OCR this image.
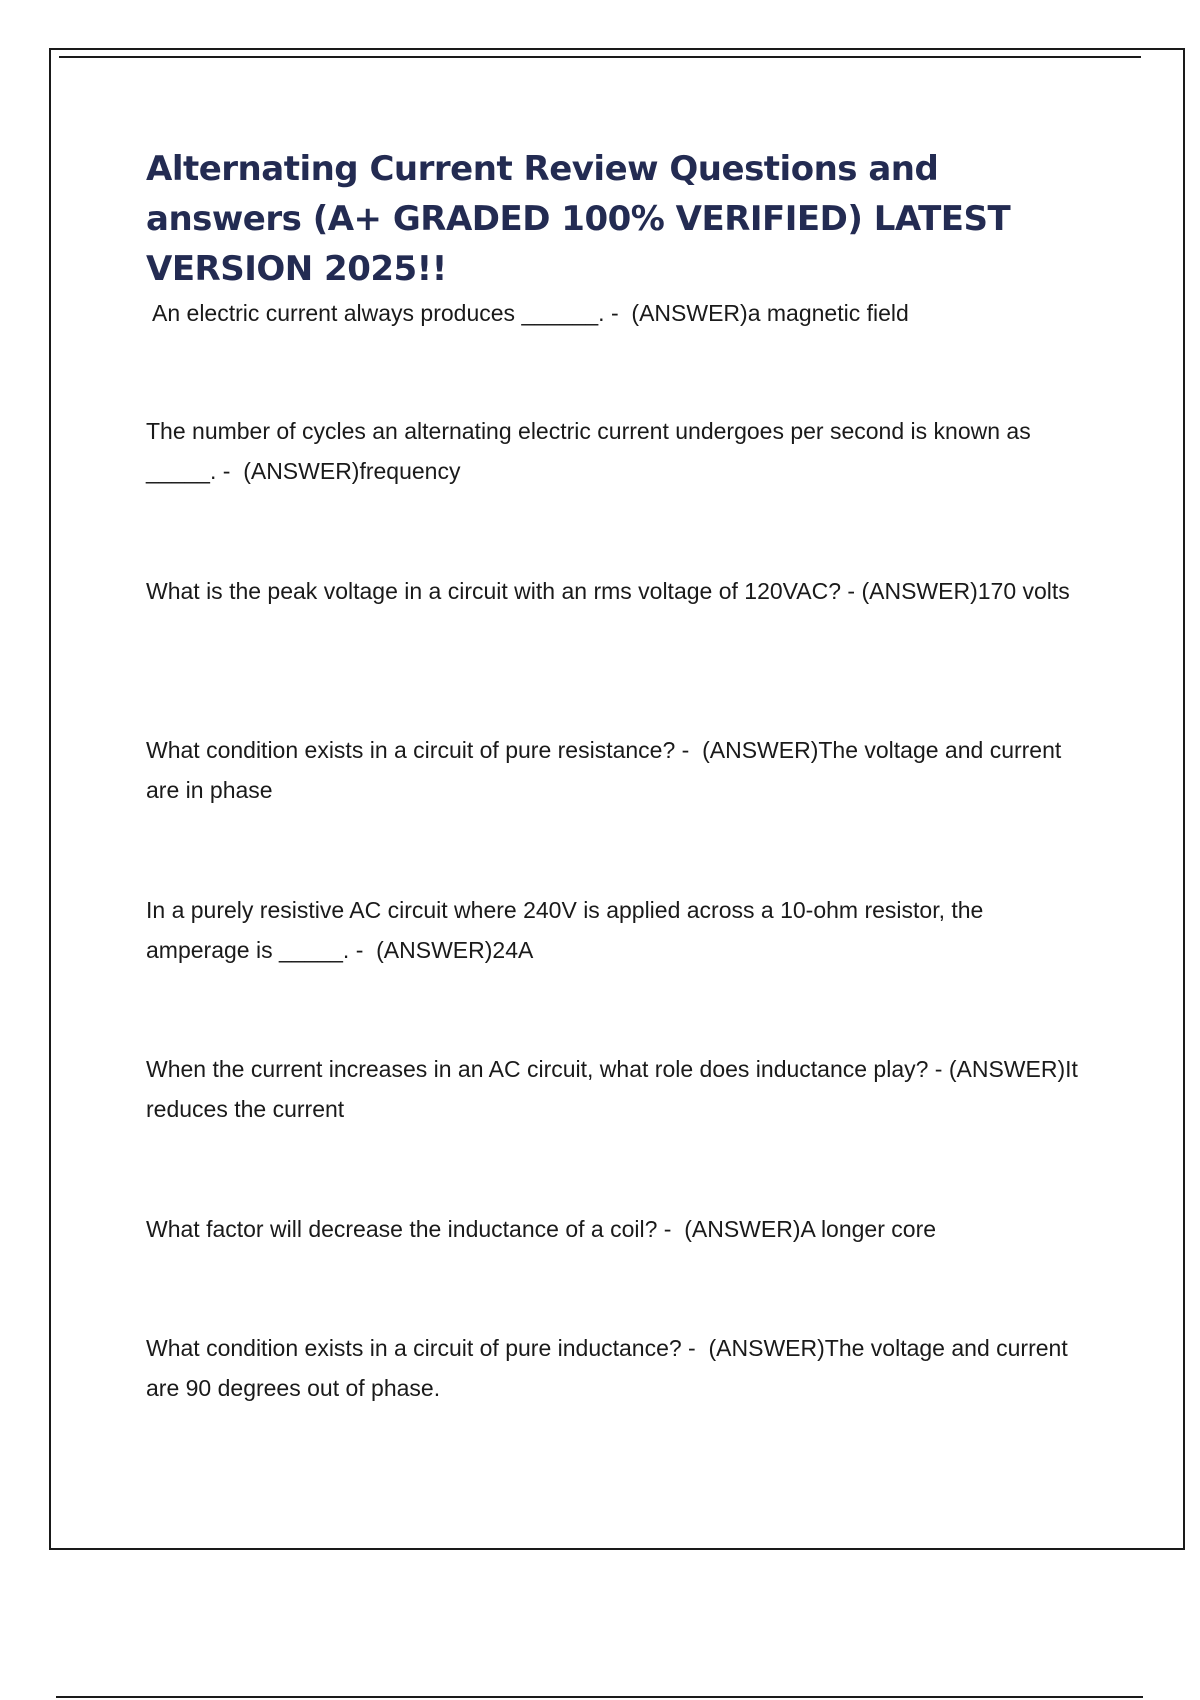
Alternating Current Review Questions and answers (A+ GRADED 100% VERIFIED) LATEST VERSION 2025!!
An electric current always produces ______. - (ANSWER)a magnetic field
The number of cycles an alternating electric current undergoes per second is known as _____. - (ANSWER)frequency
What is the peak voltage in a circuit with an rms voltage of 120VAC? - (ANSWER)170 volts
What condition exists in a circuit of pure resistance? - (ANSWER)The voltage and current are in phase
In a purely resistive AC circuit where 240V is applied across a 10-ohm resistor, the amperage is _____. - (ANSWER)24A
When the current increases in an AC circuit, what role does inductance play? - (ANSWER)It reduces the current
What factor will decrease the inductance of a coil? - (ANSWER)A longer core
What condition exists in a circuit of pure inductance? - (ANSWER)The voltage and current are 90 degrees out of phase.
